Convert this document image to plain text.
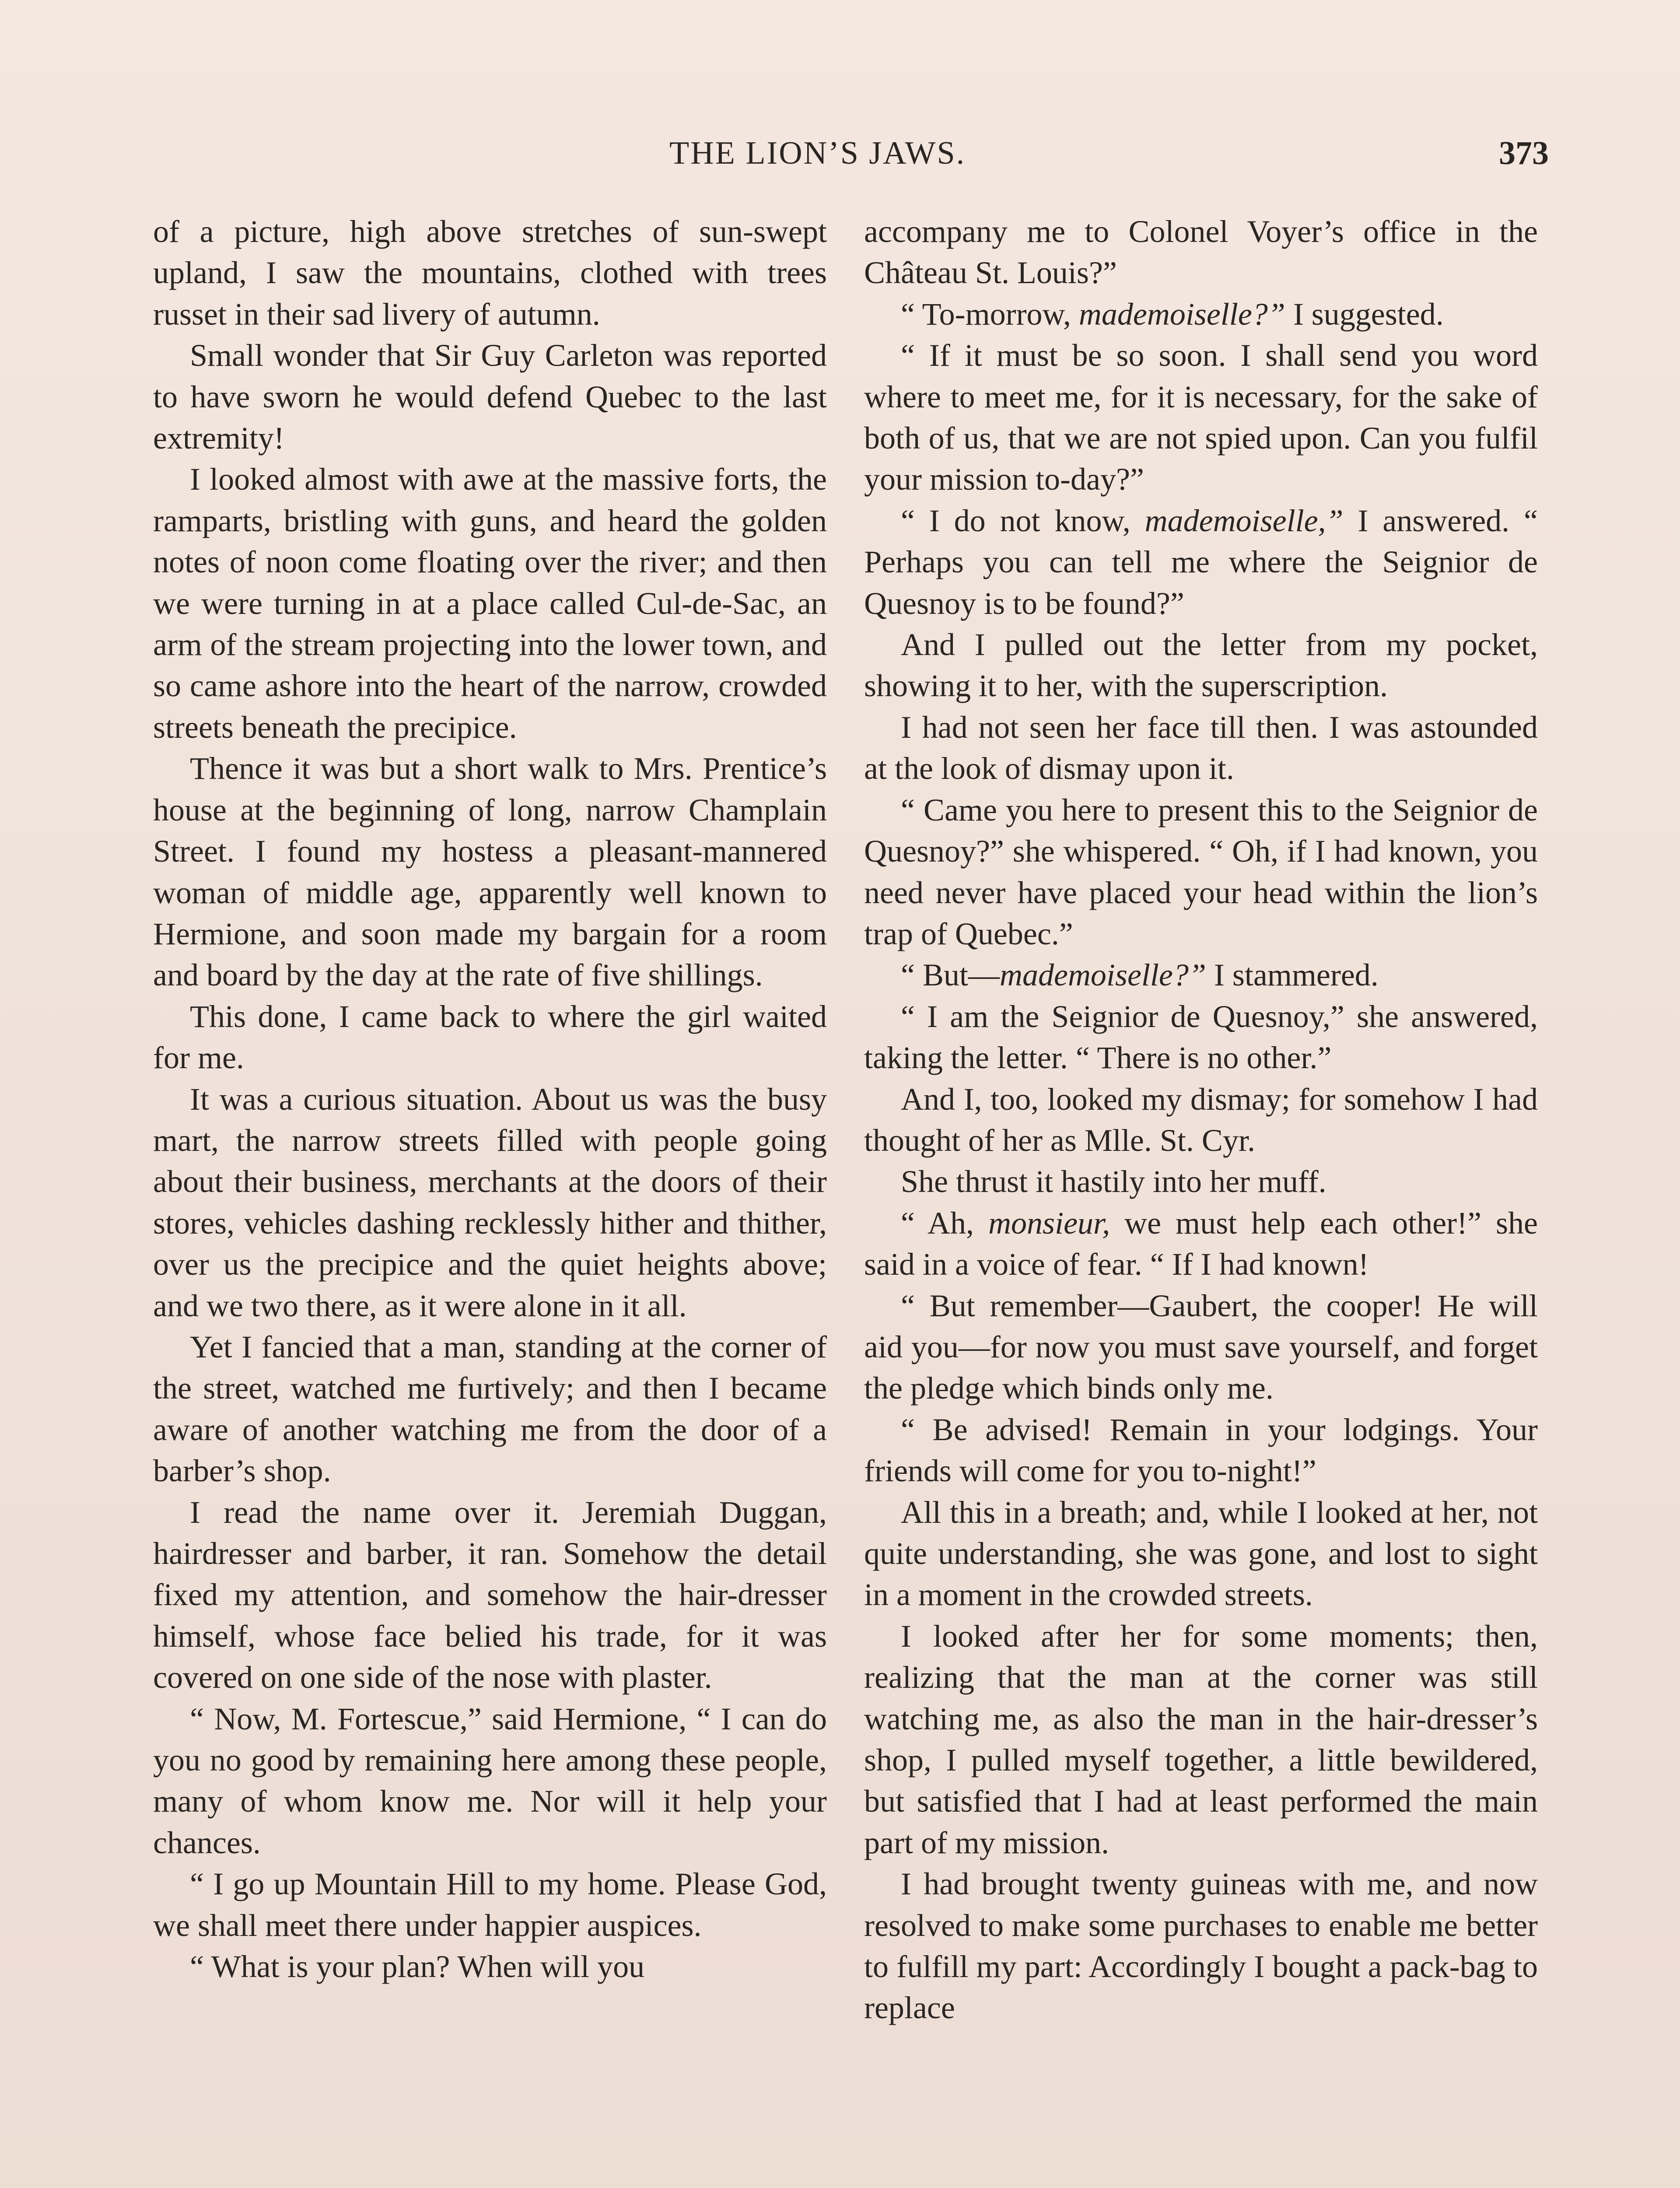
THE LION’S JAWS.	373

of a picture, high above stretches of sun-swept upland, I saw the mountains, clothed with trees russet in their sad livery of autumn.

Small wonder that Sir Guy Carleton was reported to have sworn he would defend Quebec to the last extremity!

I looked almost with awe at the massive forts, the ramparts, bristling with guns, and heard the golden notes of noon come floating over the river; and then we were turning in at a place called Cul-de-Sac, an arm of the stream projecting into the lower town, and so came ashore into the heart of the narrow, crowded streets beneath the precipice.

Thence it was but a short walk to Mrs. Prentice’s house at the beginning of long, narrow Champlain Street. I found my hostess a pleasant-mannered woman of middle age, apparently well known to Hermione, and soon made my bargain for a room and board by the day at the rate of five shillings.

This done, I came back to where the girl waited for me.

It was a curious situation. About us was the busy mart, the narrow streets filled with people going about their business, merchants at the doors of their stores, vehicles dashing recklessly hither and thither, over us the precipice and the quiet heights above; and we two there, as it were alone in it all.

Yet I fancied that a man, standing at the corner of the street, watched me furtively; and then I became aware of another watching me from the door of a barber’s shop.

I read the name over it. Jeremiah Duggan, hairdresser and barber, it ran. Somehow the detail fixed my attention, and somehow the hair-dresser himself, whose face belied his trade, for it was covered on one side of the nose with plaster.

“ Now, M. Fortescue,” said Hermione, “ I can do you no good by remaining here among these people, many of whom know me. Nor will it help your chances.

“ I go up Mountain Hill to my home. Please God, we shall meet there under happier auspices.

“ What is your plan? When will you

accompany me to Colonel Voyer’s office in the Château St. Louis?”

“ To-morrow, mademoiselle?” I suggested.

“ If it must be so soon. I shall send you word where to meet me, for it is necessary, for the sake of both of us, that we are not spied upon. Can you fulfil your mission to-day?”

“ I do not know, mademoiselle,” I answered. “ Perhaps you can tell me where the Seignior de Quesnoy is to be found?”

And I pulled out the letter from my pocket, showing it to her, with the superscription.

I had not seen her face till then. I was astounded at the look of dismay upon it.

“ Came you here to present this to the Seignior de Quesnoy?” she whispered. “ Oh, if I had known, you need never have placed your head within the lion’s trap of Quebec.”

“ But—mademoiselle?” I stammered.

“ I am the Seignior de Quesnoy,” she answered, taking the letter. “ There is no other.”

And I, too, looked my dismay; for somehow I had thought of her as Mlle. St. Cyr.

She thrust it hastily into her muff.

“ Ah, monsieur, we must help each other!” she said in a voice of fear. “ If I had known!

“ But remember—Gaubert, the cooper! He will aid you—for now you must save yourself, and forget the pledge which binds only me.

“ Be advised! Remain in your lodgings. Your friends will come for you to-night!”

All this in a breath; and, while I looked at her, not quite understanding, she was gone, and lost to sight in a moment in the crowded streets.

I looked after her for some moments; then, realizing that the man at the corner was still watching me, as also the man in the hair-dresser’s shop, I pulled myself together, a little bewildered, but satisfied that I had at least performed the main part of my mission.

I had brought twenty guineas with me, and now resolved to make some purchases to enable me better to fulfill my part: Accordingly I bought a pack-bag to replace
